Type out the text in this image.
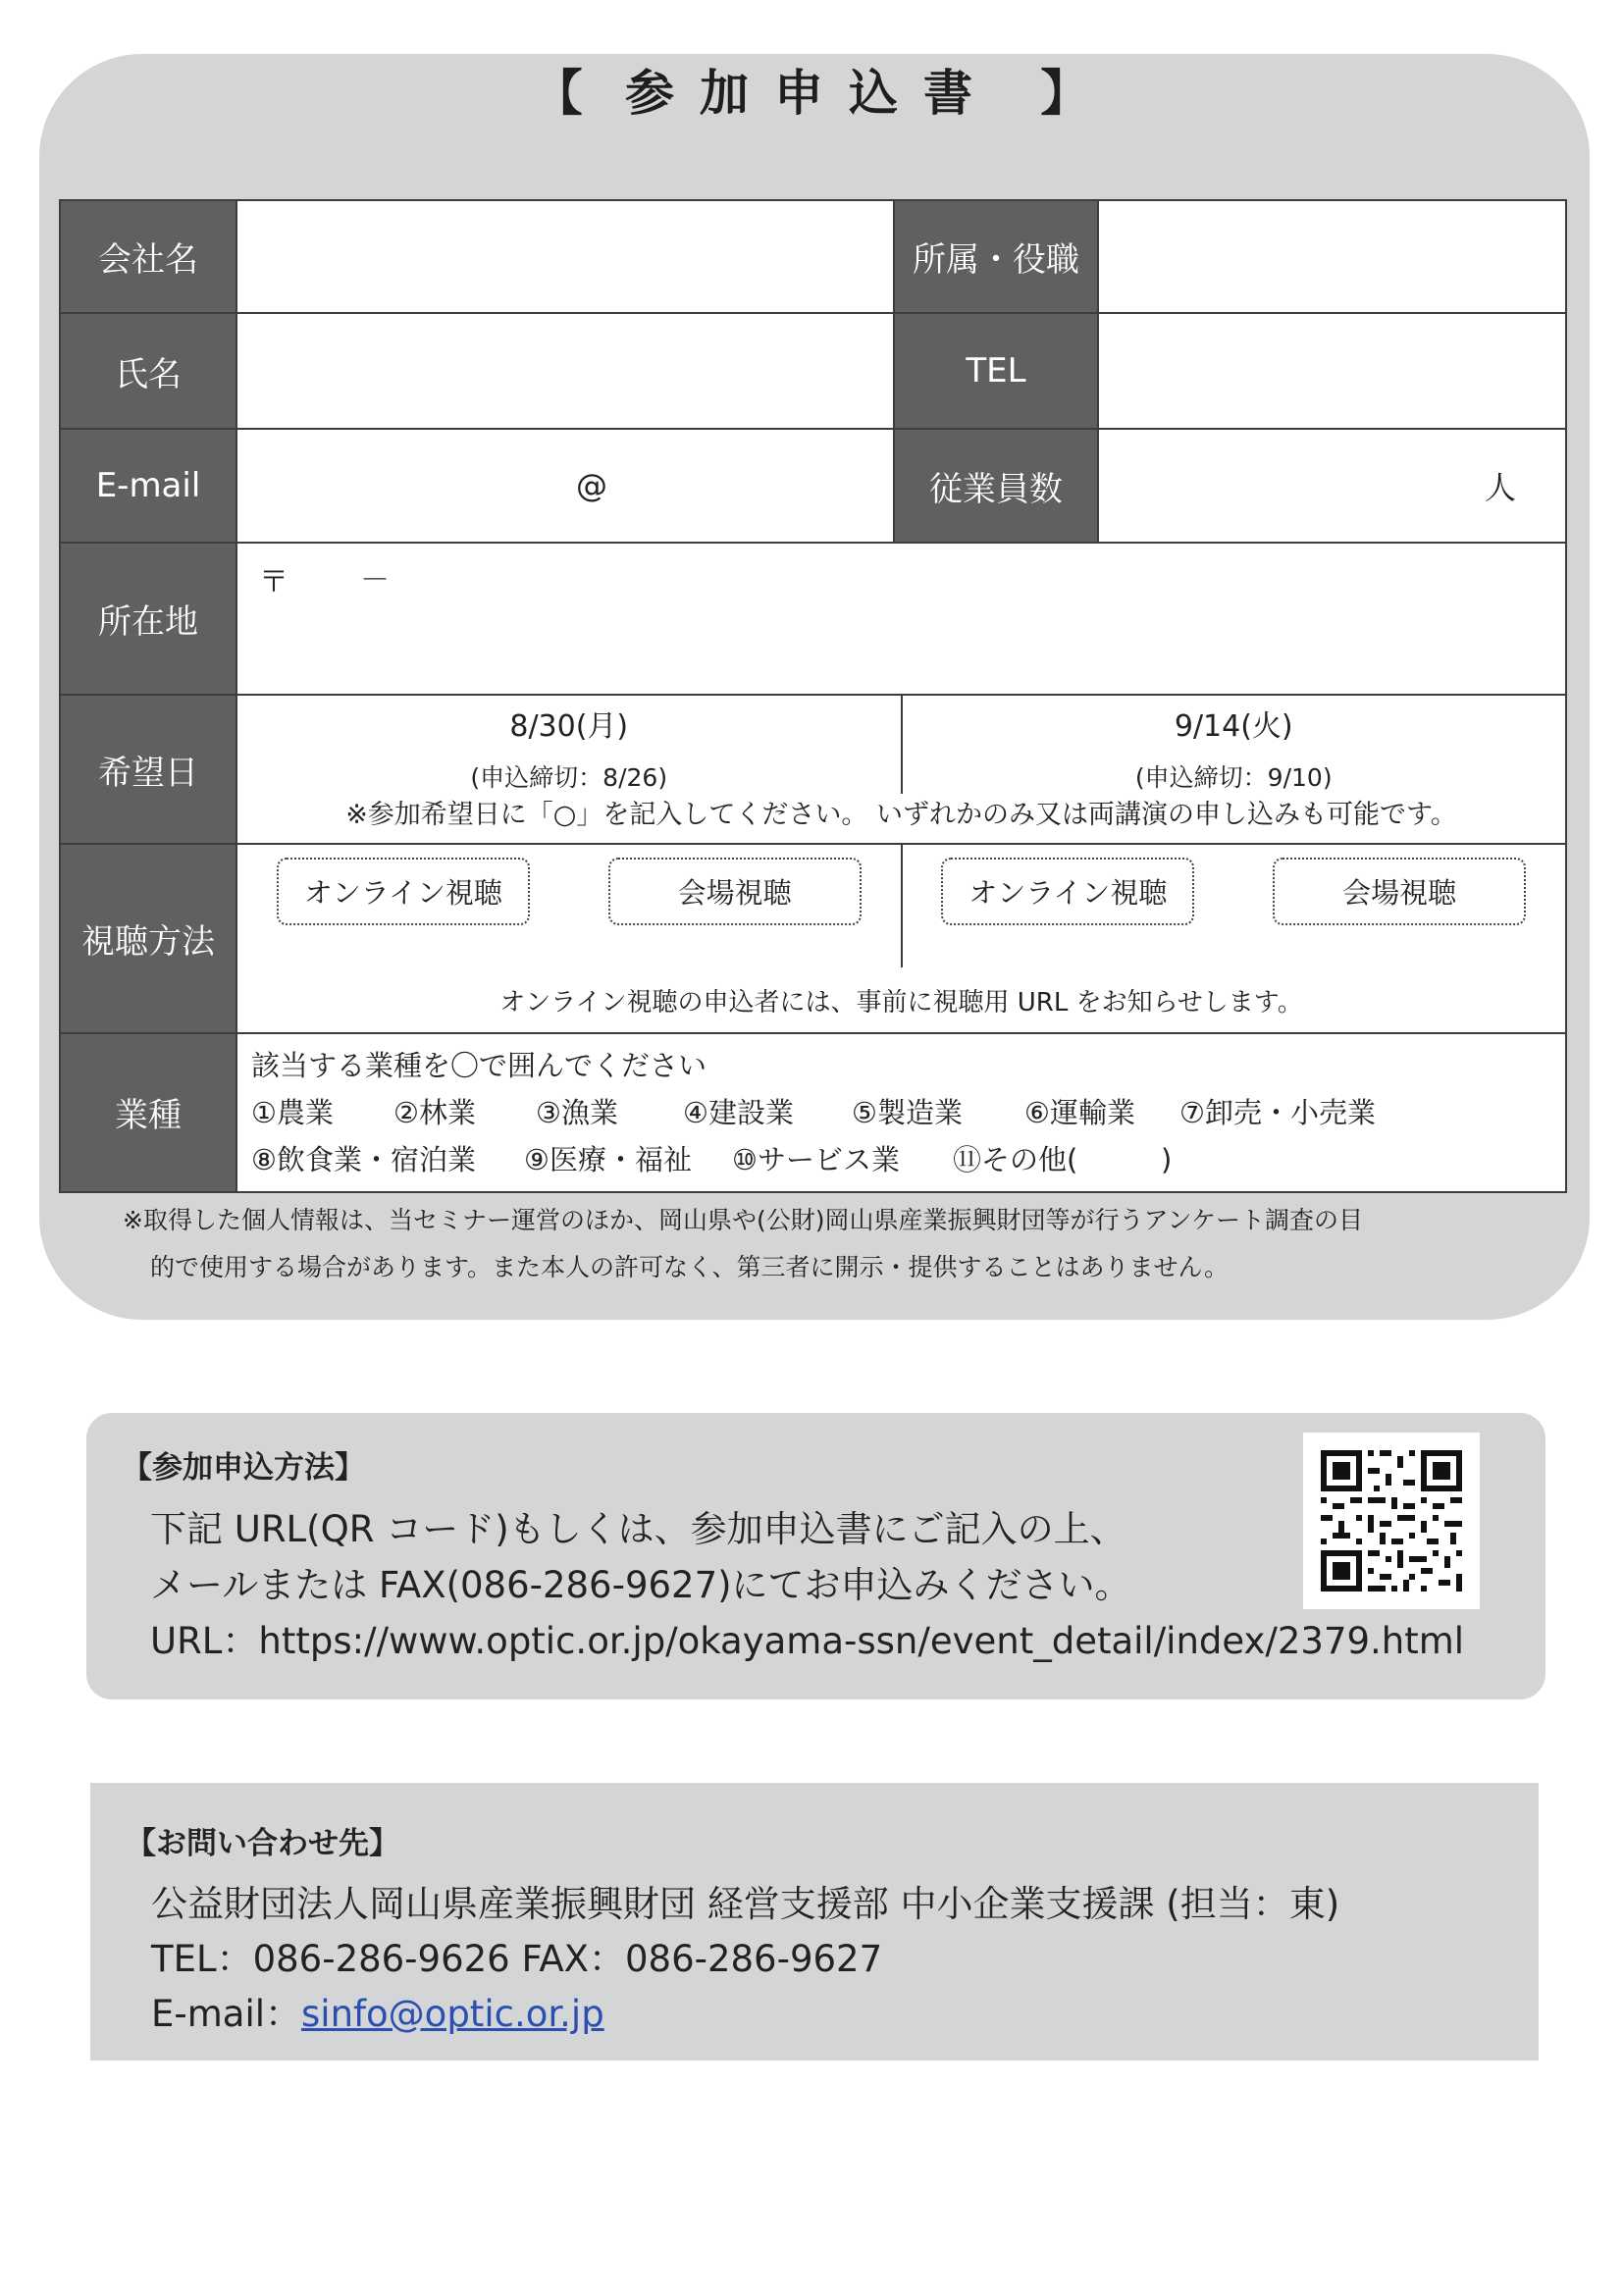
【 参加申込書 】
会社名		所属・役職	
氏名		TEL	
E-mail	@	従業員数	人

所在地	〒 －		

希望日	8/30(月)
(申込締切：8/26)
9/14(火)
(申込締切：9/10)
※参加希望日に「○」を記入してください。 いずれかのみ又は両講演の申し込みも可能です。		

視聴方法	オンライン視聴 会場視聴 オンライン視聴 会場視聴
オンライン視聴の申込者には、事前に視聴用 URL をお知らせします。		

業種	該当する業種を〇で囲んでください
①農業 ②林業 ③漁業 ④建設業 ⑤製造業 ⑥運輸業 ⑦卸売・小売業
⑧飲食業・宿泊業 ⑨医療・福祉 ⑩サービス業 ⑪その他( )		
※取得した個人情報は、当セミナー運営のほか、岡山県や(公財)岡山県産業振興財団等が行うアンケート調査の目
的で使用する場合があります。また本人の許可なく、第三者に開示・提供することはありません。
【参加申込方法】
下記 URL(QR コード)もしくは、参加申込書にご記入の上、
メールまたは FAX(086-286-9627)にてお申込みください。
URL：https://www.optic.or.jp/okayama-ssn/event_detail/index/2379.html
【お問い合わせ先】
公益財団法人岡山県産業振興財団 経営支援部 中小企業支援課 (担当：東)
TEL：086-286-9626 FAX：086-286-9627
E-mail：sinfo@optic.or.jp
